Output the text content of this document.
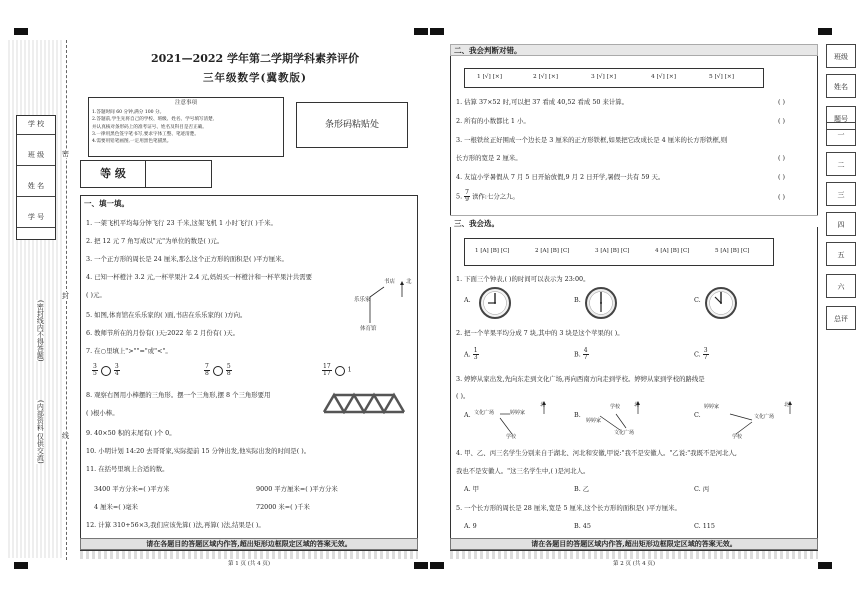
学 校
班 级
姓 名
学 号
(密封线内不得答题)
(内部资料 仅供交流)
密
封
线
2021—2022 学年第二学期学科素养评价
三年级数学(冀教版)
注意事项
1.答题时间 60 分钟,满分 100 分。
2.答题前,学生先将自己的学校、班级、姓名、学号填写清楚,
并认真核对条形码上的准考证号、姓名及科目是否正确。
3.一律用黑色签字笔书写,要求字体工整、笔迹清楚。
4.需要用铅笔画图,一定用黑色笔描黑。
条形码粘贴处
等 级
一、填一填。
1. 一架飞机平均每分钟飞行 23 千米,这架飞机 1 小时飞行( )千米。
2. 把 12 元 7 角写成以"元"为单位的数是( )元。
3. 一个正方形的周长是 24 厘米,那么这个正方形的面积是( )平方厘米。
4. 已知一杯橙汁 3.2 元,一杯苹果汁 2.4 元,妈妈买一杯橙汁和一杯苹果汁共需要
( )元。
书店 北
乐乐家
体育馆
5. 如图,体育馆在乐乐家的( )面,书店在乐乐家的( )方向。
6. 教师节所在的月份有( )天;2022 年 2 月份有( )天。
7. 在○里填上">""="或"<"。
$\frac{3}{5}$	$\frac{3}{4}$	$\frac{7}{8}$	$\frac{5}{8}$	$\frac{17}{17}$	1
8. 观察右图用小棒摆的三角形。摆一个三角形,摆 8 个三角形要用
( )根小棒。
9. 40×50 积的末尾有( )个 0。
10. 小明计划 14:20 去哥哥家,实际提前 15 分钟出发,他实际出发的时间是( )。
11. 在括号里填上合适的数。
3400 平方分米=( )平方米	9000 平方厘米=( )平方分米
4 厘米=( )毫米	72000 米=( )千米
12. 计算 310+56×3,我们应该先算( )法,再算( )法,结果是( )。
请在各题目的答题区域内作答,超出矩形边框限定区域的答案无效。
第 1 页 (共 4 页)
二、我会判断对错。
1 [√] [×]	2 [√] [×]	3 [√] [×]	4 [√] [×]	5 [√] [×]
1. 估算 37×52 时,可以把 37 看成 40,52 看成 50 来计算。	( )
2. 所有的小数都比 1 小。	( )
3. 一根铁丝正好围成一个边长是 3 厘米的正方形铁框,如果把它改成长是 4 厘米的长方形铁框,则
长方形的宽是 2 厘米。	( )
4. 友谊小学暑假从 7 月 5 日开始放假,9 月 2 日开学,暑假一共有 59 天。	( )
5. $\frac{7}{9}$ 读作:七分之九。	( )
三、我会选。
1 [A] [B] [C]	2 [A] [B] [C]	3 [A] [B] [C]	4 [A] [B] [C]	5 [A] [B] [C]
1. 下面三个钟表,( )的时间可以表示为 23:00。
A.	B.	C.
2. 把一个苹果平均分成 7 块,其中的 3 块是这个苹果的( )。
A. $\frac{1}{3}$	B. $\frac{4}{7}$	C. $\frac{3}{7}$
3. 婷婷从家出发,先向东走到文化广场,再向西南方向走到学校。婷婷从家到学校的路线是
( )。
A. 文化广场	婷婷家
学校
北
B.
学校	北
婷婷家
文化广场
C.
婷婷家
文化广场
学校
北
4. 甲、乙、丙三名学生分别来自于湖北、河北和安徽,甲说:"我不是安徽人。"乙说:"我既不是河北人,
我也不是安徽人。"这三名学生中,( )是河北人。
A. 甲	B. 乙	C. 丙
5. 一个长方形的周长是 28 厘米,宽是 5 厘米,这个长方形的面积是( )平方厘米。
A. 9	B. 45	C. 115
请在各题目的答题区域内作答,超出矩形边框限定区域的答案无效。
第 2 页 (共 4 页)
班级
姓名
题号
一
二
三
四
五
六
总评
